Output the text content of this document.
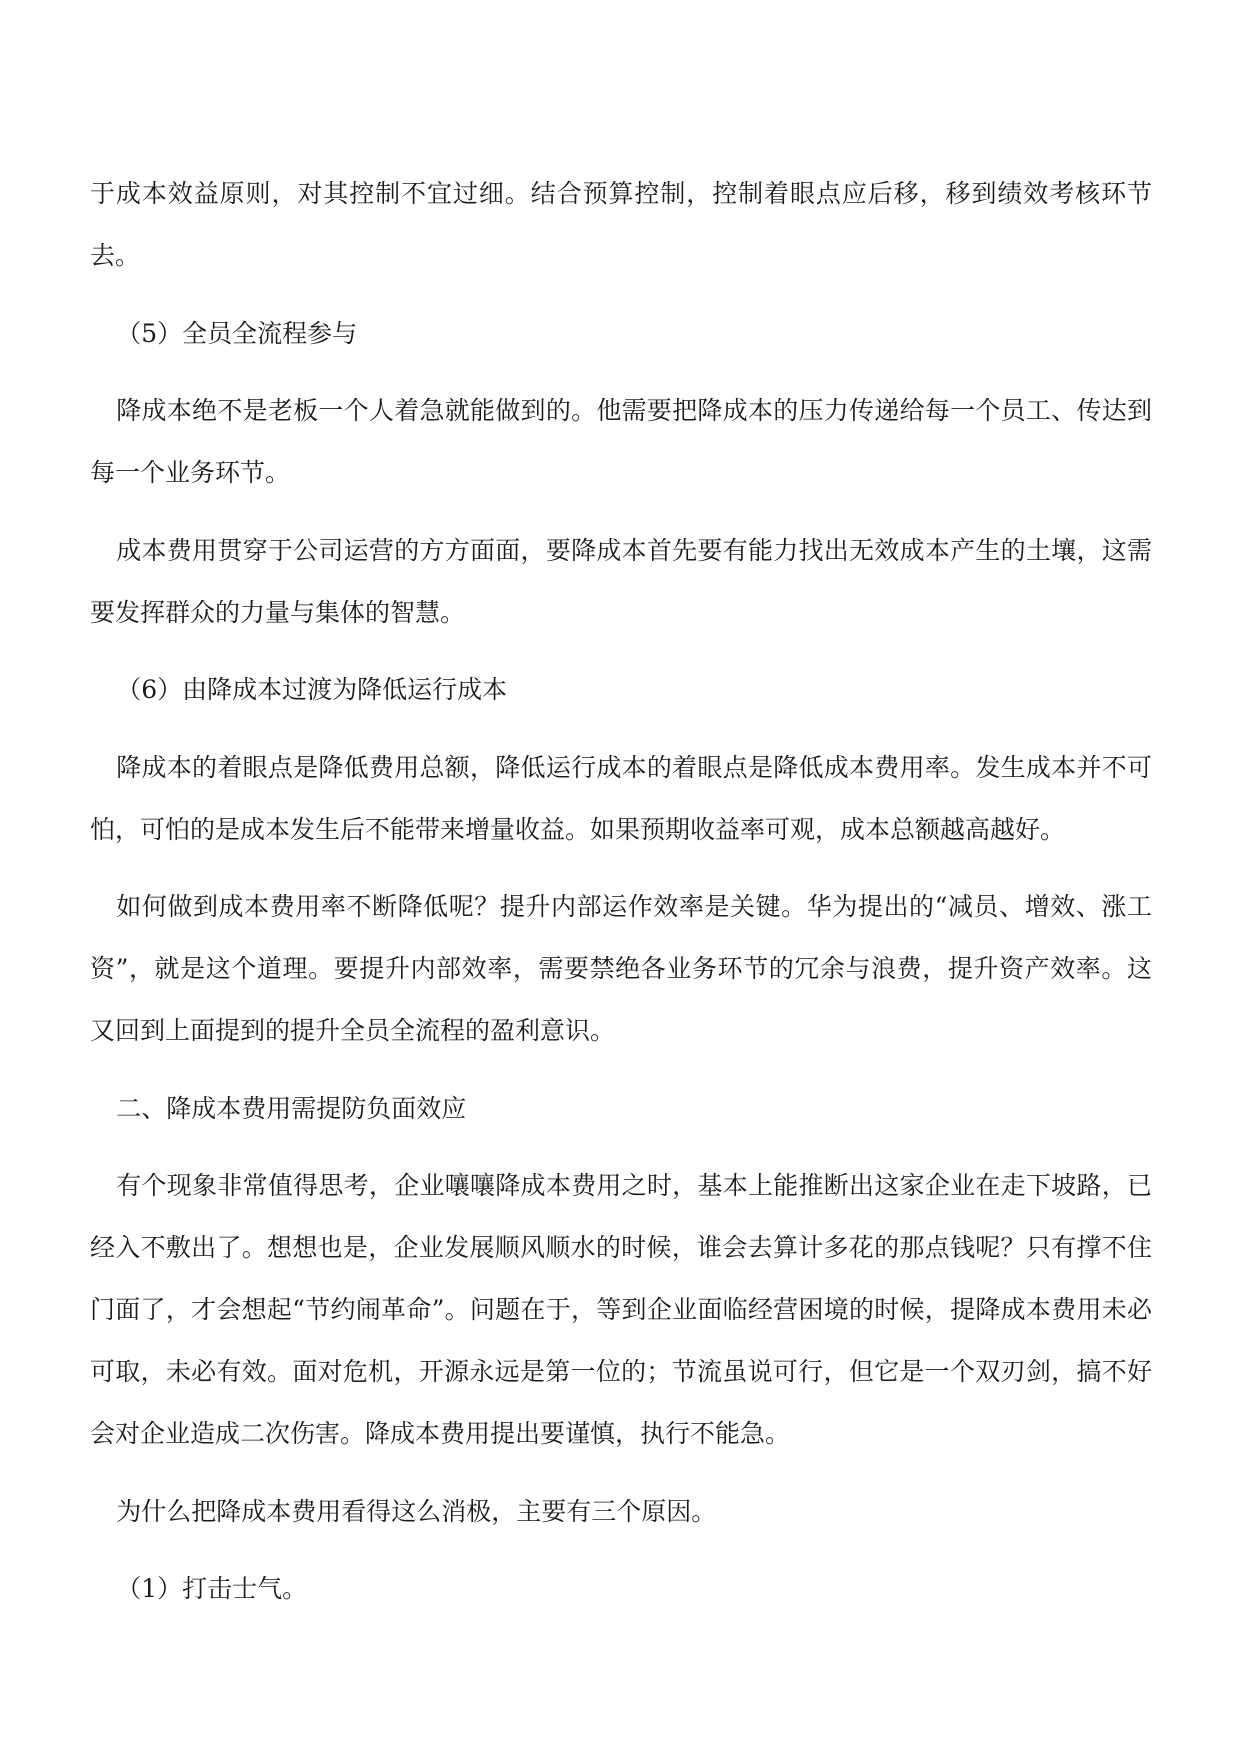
于成本效益原则，对其控制不宜过细。结合预算控制，控制着眼点应后移，移到绩效考核环节去。

（5）全员全流程参与

降成本绝不是老板一个人着急就能做到的。他需要把降成本的压力传递给每一个员工、传达到每一个业务环节。

成本费用贯穿于公司运营的方方面面，要降成本首先要有能力找出无效成本产生的土壤，这需要发挥群众的力量与集体的智慧。

（6）由降成本过渡为降低运行成本

降成本的着眼点是降低费用总额，降低运行成本的着眼点是降低成本费用率。发生成本并不可怕，可怕的是成本发生后不能带来增量收益。如果预期收益率可观，成本总额越高越好。

如何做到成本费用率不断降低呢？提升内部运作效率是关键。华为提出的“减员、增效、涨工资”，就是这个道理。要提升内部效率，需要禁绝各业务环节的冗余与浪费，提升资产效率。这又回到上面提到的提升全员全流程的盈利意识。

二、降成本费用需提防负面效应

有个现象非常值得思考，企业嚷嚷降成本费用之时，基本上能推断出这家企业在走下坡路，已经入不敷出了。想想也是，企业发展顺风顺水的时候，谁会去算计多花的那点钱呢？只有撑不住门面了，才会想起“节约闹革命”。问题在于，等到企业面临经营困境的时候，提降成本费用未必可取，未必有效。面对危机，开源永远是第一位的；节流虽说可行，但它是一个双刃剑，搞不好会对企业造成二次伤害。降成本费用提出要谨慎，执行不能急。

为什么把降成本费用看得这么消极，主要有三个原因。

（1）打击士气。
